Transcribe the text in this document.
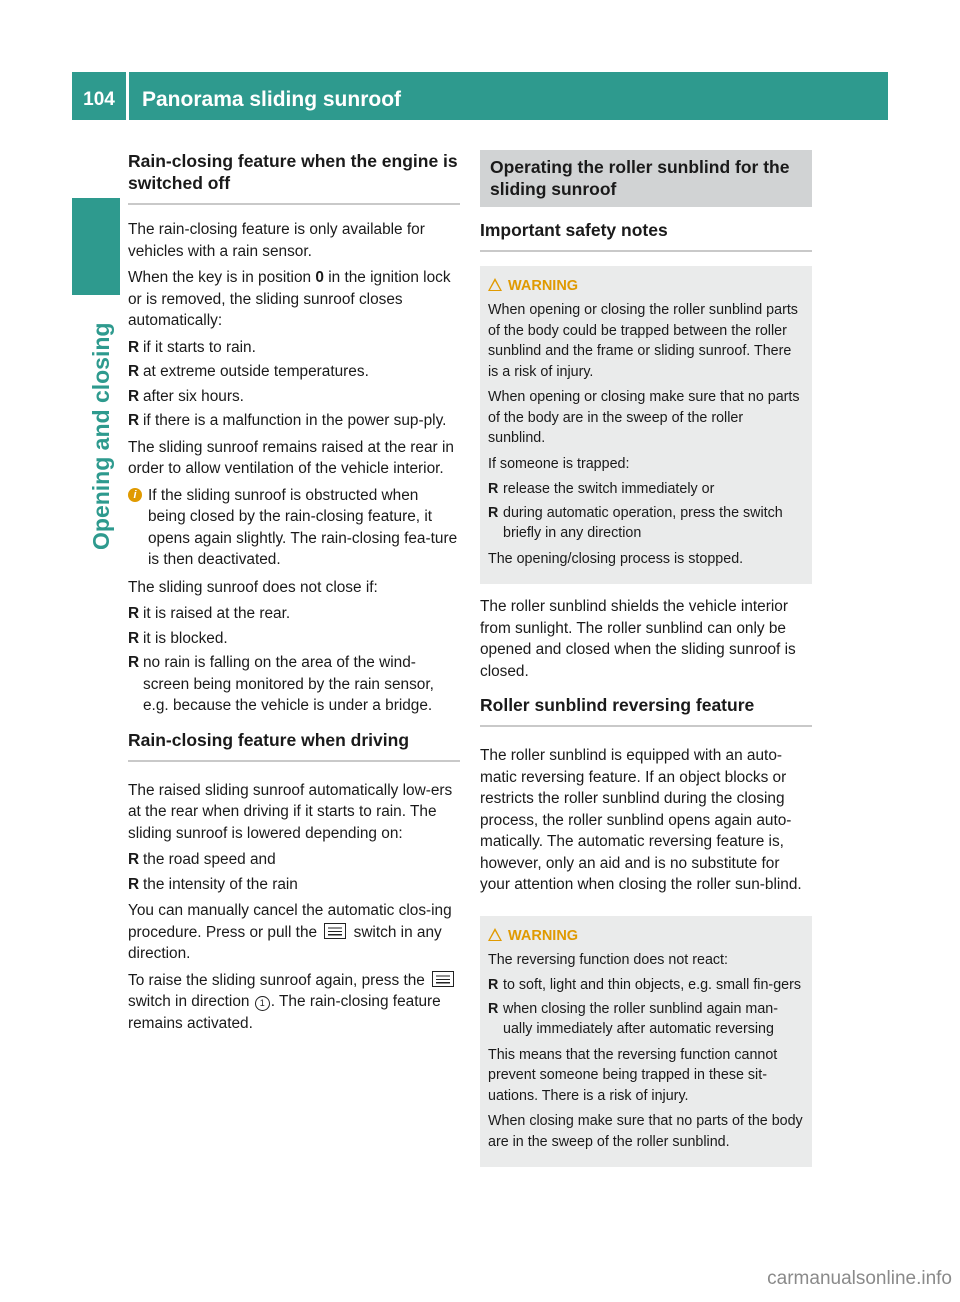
104	Panorama sliding sunroof
Opening and closing
Rain-closing feature when the engine is switched off

The rain-closing feature is only available for vehicles with a rain sensor.

When the key is in position 0 in the ignition lock or is removed, the sliding sunroof closes automatically:

R if it starts to rain.
R at extreme outside temperatures.
R after six hours.
R if there is a malfunction in the power sup-ply.

The sliding sunroof remains raised at the rear in order to allow ventilation of the vehicle interior.

i If the sliding sunroof is obstructed when being closed by the rain-closing feature, it opens again slightly. The rain-closing fea-ture is then deactivated.

The sliding sunroof does not close if:

R it is raised at the rear.
R it is blocked.
R no rain is falling on the area of the wind-screen being monitored by the rain sensor, e.g. because the vehicle is under a bridge.
Rain-closing feature when driving

The raised sliding sunroof automatically low-ers at the rear when driving if it starts to rain. The sliding sunroof is lowered depending on:

R the road speed and
R the intensity of the rain

You can manually cancel the automatic clos-ing procedure. Press or pull the switch in any direction.

To raise the sliding sunroof again, press the  switch in direction 1 . The rain-closing feature remains activated.

Operating the roller sunblind for the sliding sunroof
Important safety notes
WARNING

When opening or closing the roller sunblind parts of the body could be trapped between the roller sunblind and the frame or sliding sunroof. There is a risk of injury.

When opening or closing make sure that no parts of the body are in the sweep of the roller sunblind.

If someone is trapped:

R release the switch immediately or
R during automatic operation, press the switch briefly in any direction

The opening/closing process is stopped.

The roller sunblind shields the vehicle interior from sunlight. The roller sunblind can only be opened and closed when the sliding sunroof is closed.

Roller sunblind reversing feature

The roller sunblind is equipped with an auto-matic reversing feature. If an object blocks or restricts the roller sunblind during the closing process, the roller sunblind opens again auto-matically. The automatic reversing feature is, however, only an aid and is no substitute for your attention when closing the roller sun-blind.

WARNING

The reversing function does not react:

R to soft, light and thin objects, e.g. small fin-gers
R when closing the roller sunblind again man-ually immediately after automatic reversing

This means that the reversing function cannot prevent someone being trapped in these sit-uations. There is a risk of injury.

When closing make sure that no parts of the body are in the sweep of the roller sunblind.

carmanualsonline.info
